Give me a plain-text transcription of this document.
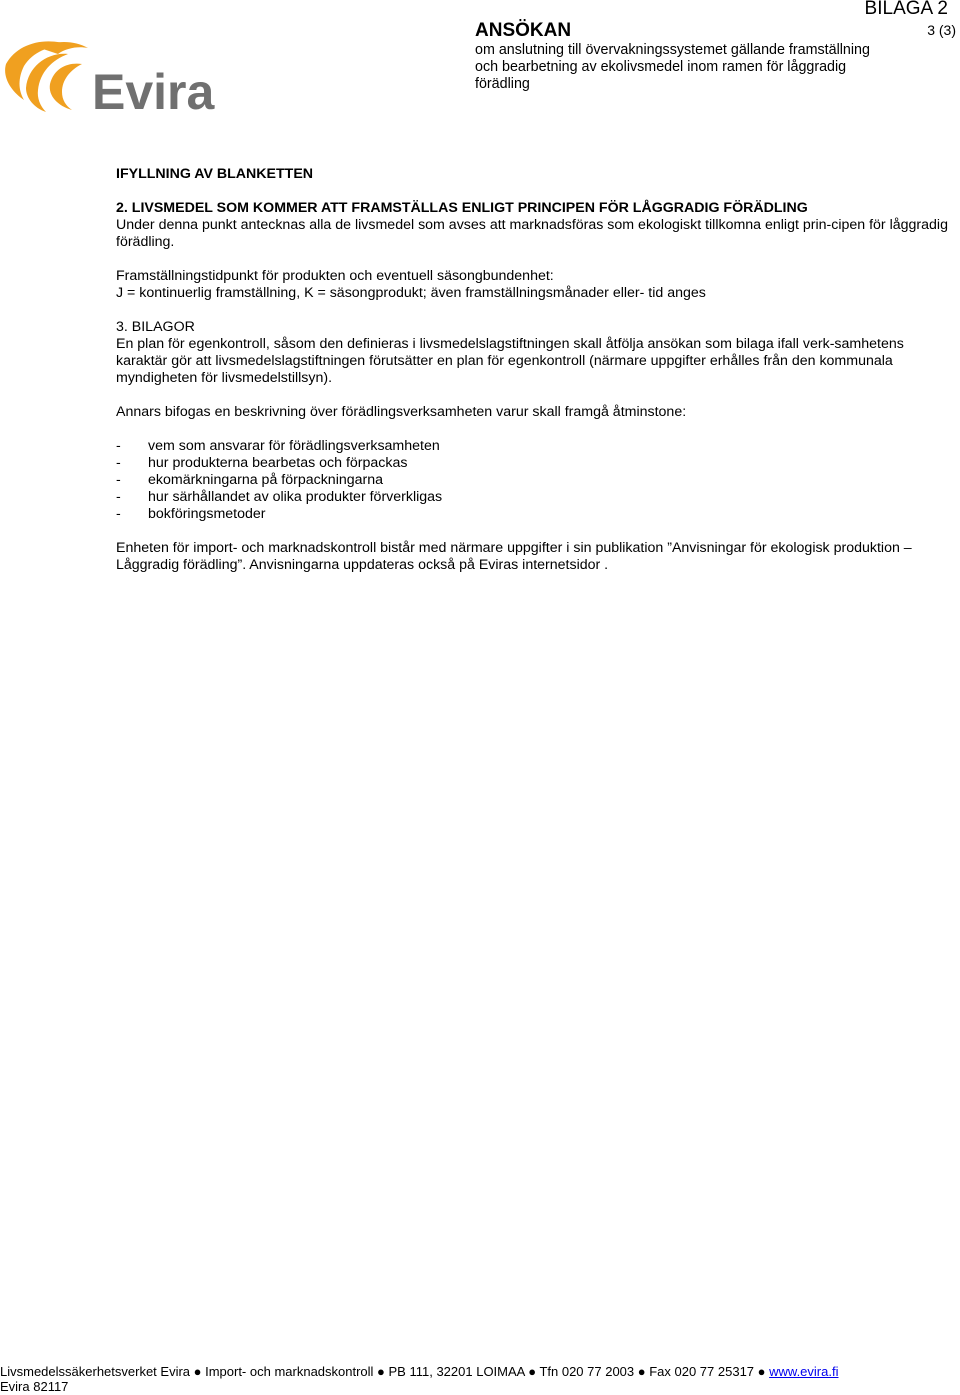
Evira
ANSÖKAN
om anslutning till övervakningssystemet gällande framställning och bearbetning av ekolivsmedel inom ramen för låggradig förädling
BILAGA 2
3 (3)

IFYLLNING AV BLANKETTEN

2. LIVSMEDEL SOM KOMMER ATT FRAMSTÄLLAS ENLIGT PRINCIPEN FÖR LÅGGRADIG FÖRÄDLING

Under denna punkt antecknas alla de livsmedel som avses att marknadsföras som ekologiskt tillkomna enligt prin-cipen för låggradig förädling.

Framställningstidpunkt för produkten och eventuell säsongbundenhet:

J = kontinuerlig framställning, K = säsongprodukt; även framställningsmånader eller- tid anges

3. BILAGOR

En plan för egenkontroll, såsom den definieras i livsmedelslagstiftningen skall åtfölja ansökan som bilaga ifall verk-samhetens karaktär gör att livsmedelslagstiftningen förutsätter en plan för egenkontroll (närmare uppgifter erhålles från den kommunala myndigheten för livsmedelstillsyn).

Annars bifogas en beskrivning över förädlingsverksamheten varur skall framgå åtminstone:

-	vem som ansvarar för förädlingsverksamheten
-	hur produkterna bearbetas och förpackas
-	ekomärkningarna på förpackningarna
-	hur särhållandet av olika produkter förverkligas
-	bokföringsmetoder

Enheten för import- och marknadskontroll bistår med närmare uppgifter i sin publikation ”Anvisningar för ekologisk produktion – Låggradig förädling”. Anvisningarna uppdateras också på Eviras internetsidor .

Livsmedelssäkerhetsverket Evira ● Import- och marknadskontroll ● PB 111, 32201 LOIMAA ● Tfn 020 77 2003 ● Fax 020 77 25317 ● www.evira.fi
Evira 82117
